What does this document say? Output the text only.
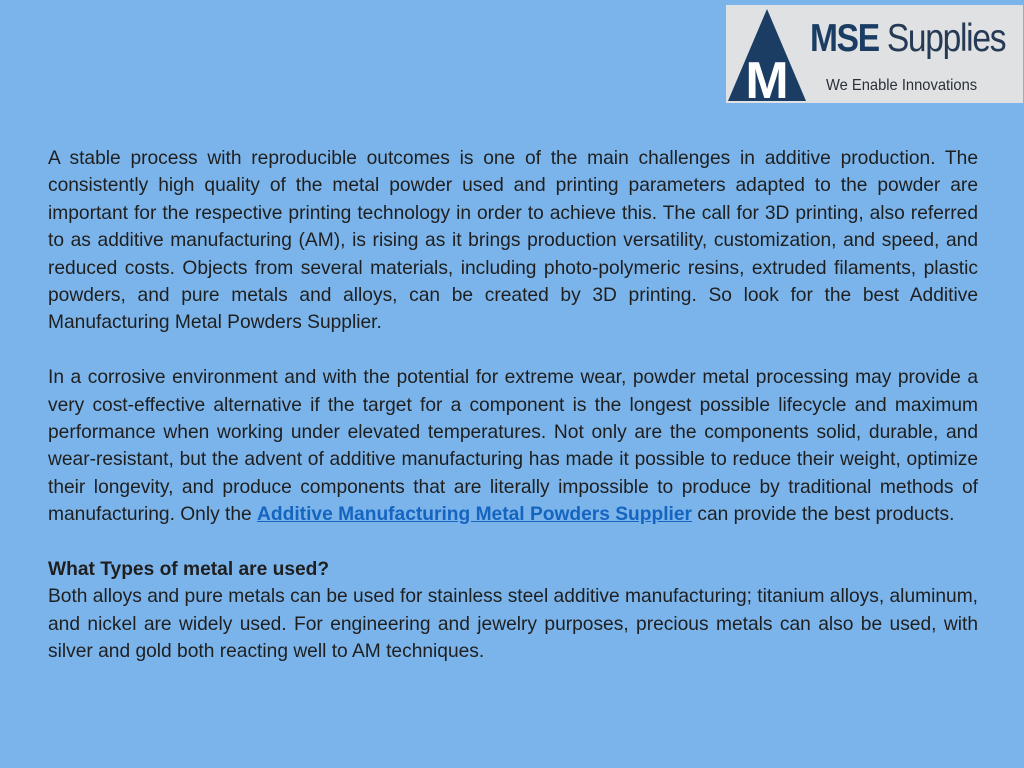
M
MSE Supplies
We Enable Innovations

A stable process with reproducible outcomes is one of the main challenges in additive production. The consistently high quality of the metal powder used and printing parameters adapted to the powder are important for the respective printing technology in order to achieve this. The call for 3D printing, also referred to as additive manufacturing (AM), is rising as it brings production versatility, customization, and speed, and reduced costs. Objects from several materials, including photo-polymeric resins, extruded filaments, plastic powders, and pure metals and alloys, can be created by 3D printing. So look for the best Additive Manufacturing Metal Powders Supplier.

In a corrosive environment and with the potential for extreme wear, powder metal processing may provide a very cost-effective alternative if the target for a component is the longest possible lifecycle and maximum performance when working under elevated temperatures. Not only are the components solid, durable, and wear-resistant, but the advent of additive manufacturing has made it possible to reduce their weight, optimize their longevity, and produce components that are literally impossible to produce by traditional methods of manufacturing. Only the Additive Manufacturing Metal Powders Supplier can provide the best products.

What Types of metal are used?

Both alloys and pure metals can be used for stainless steel additive manufacturing; titanium alloys, aluminum, and nickel are widely used. For engineering and jewelry purposes, precious metals can also be used, with silver and gold both reacting well to AM techniques.
